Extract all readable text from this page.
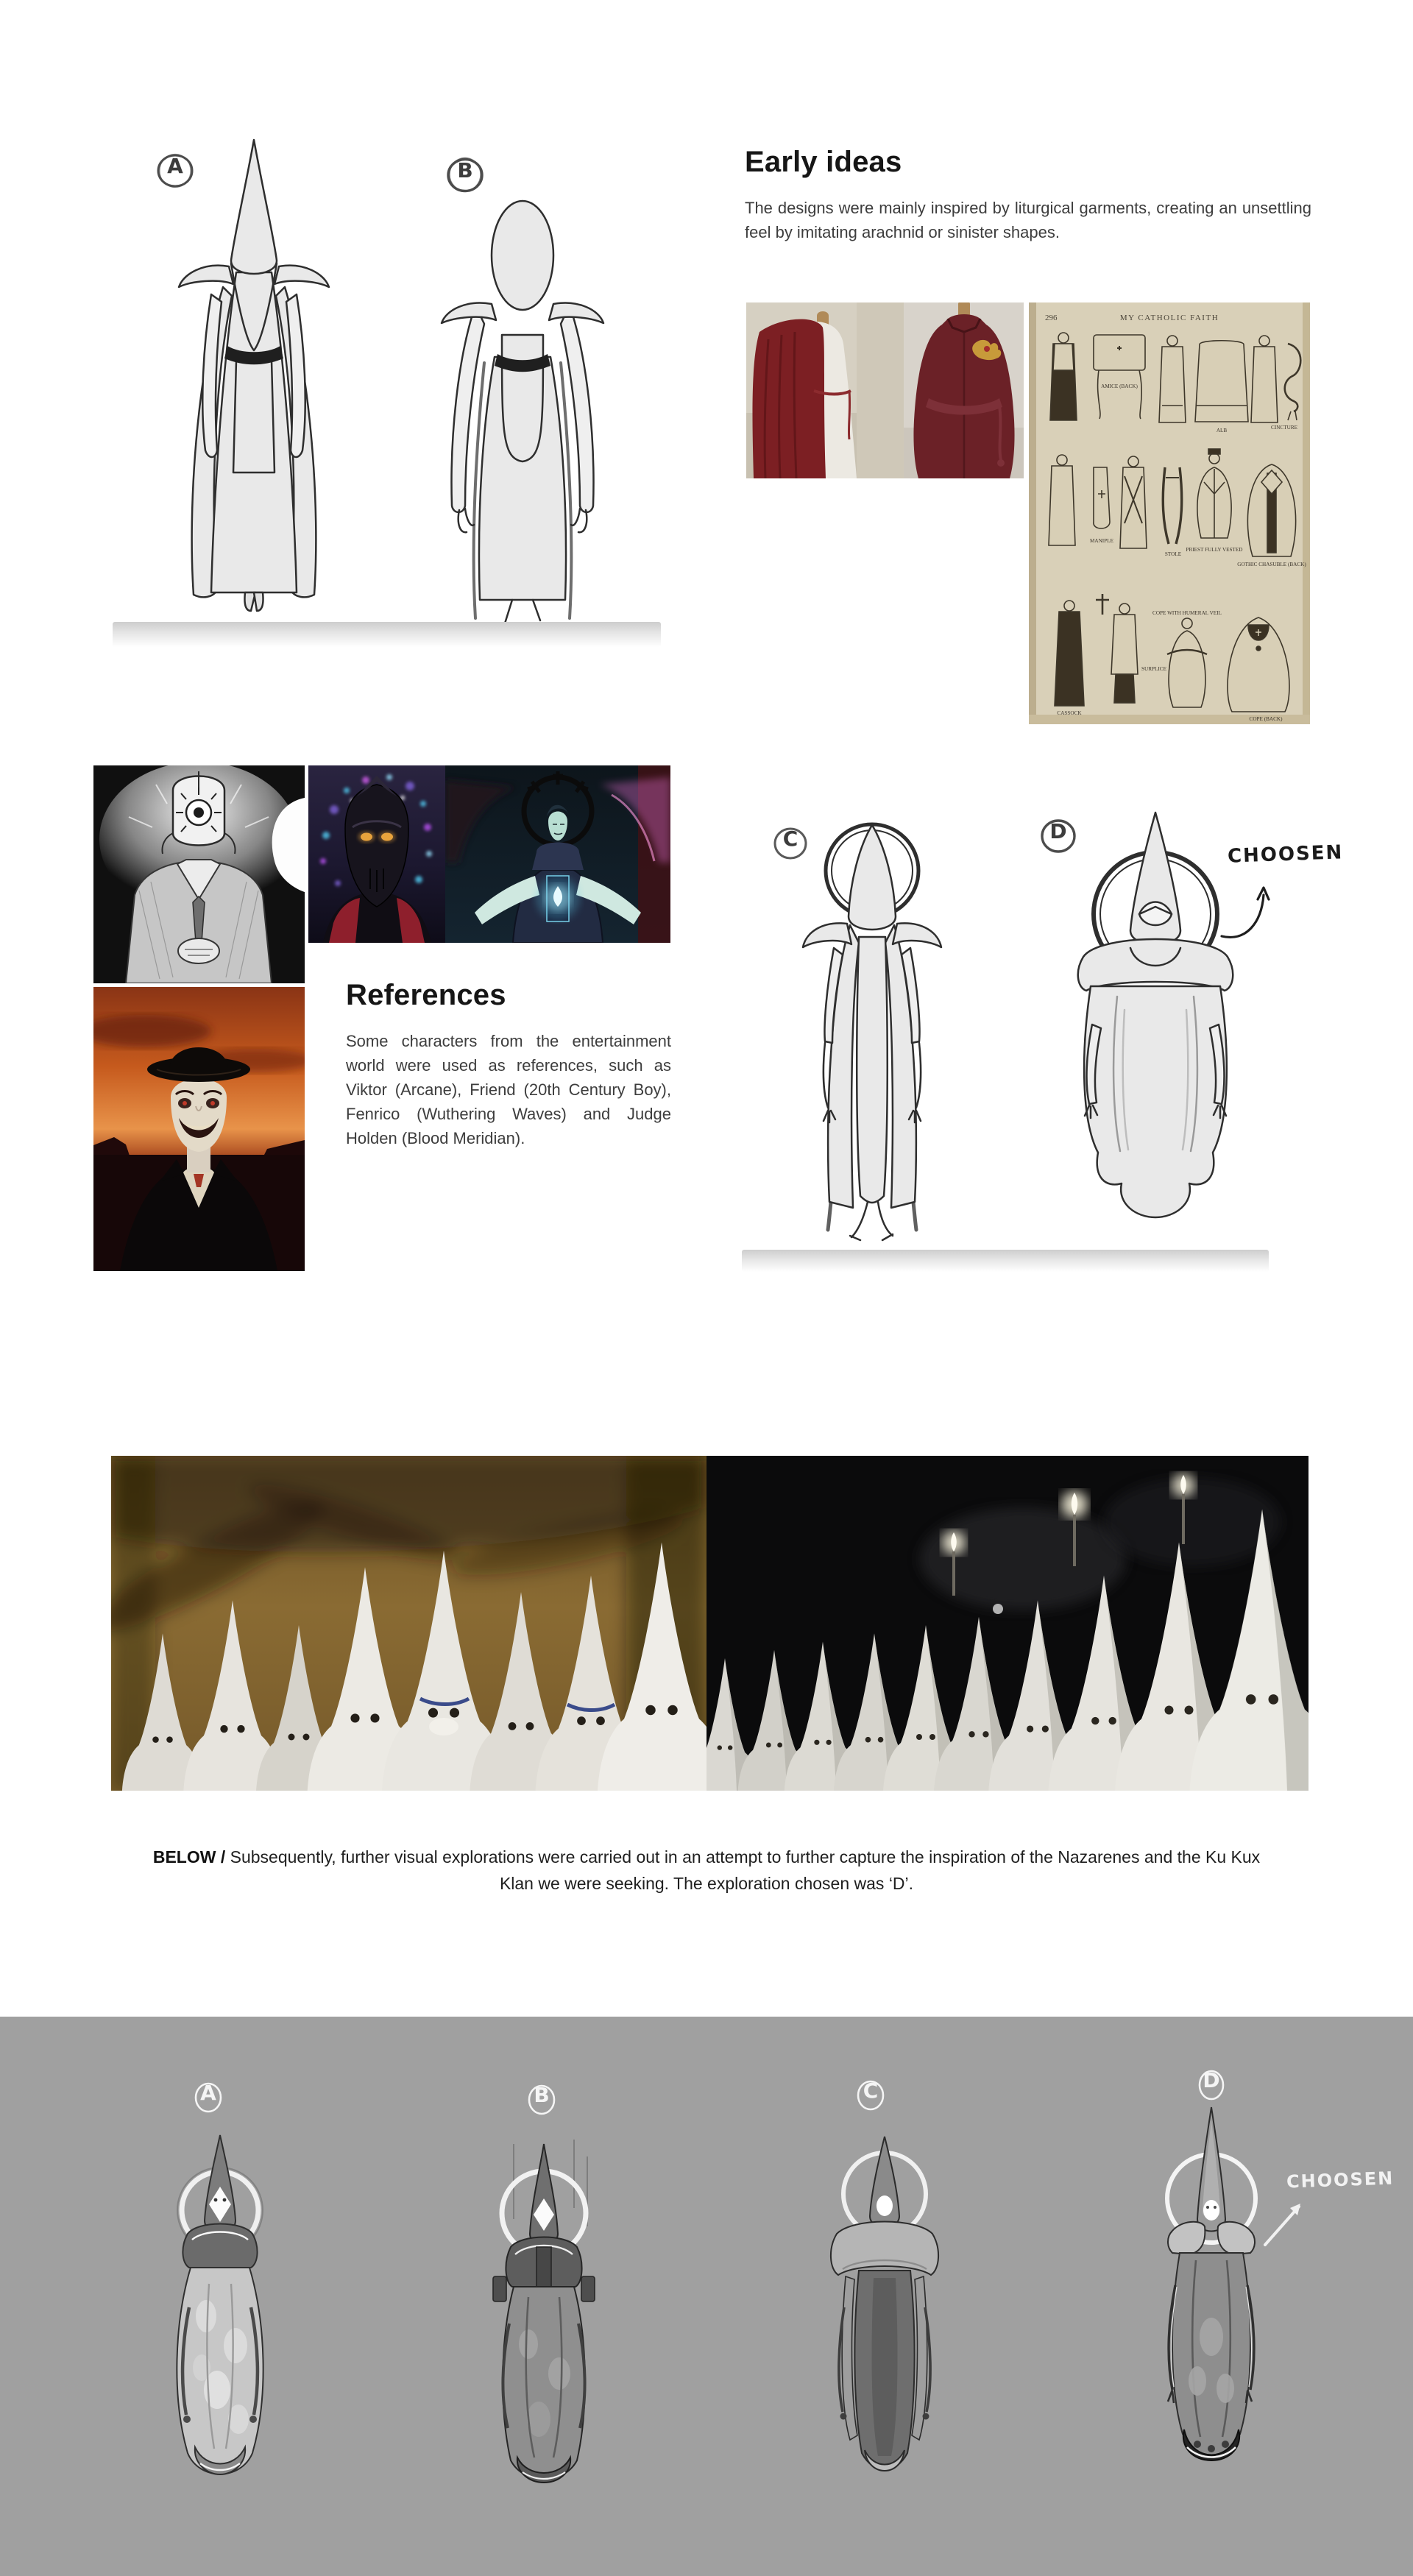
A	B	Early ideas
The designs were mainly inspired by liturgical garments, creating an unsettling feel by imitating arachnid or sinister shapes.
296	MY CATHOLIC FAITH
AMICE (BACK)
ALB	CINCTURE
MANIPLE
STOLE
PRIEST FULLY VESTED
GOTHIC CHASUBLE (BACK)
CASSOCK
SURPLICE
COPE WITH HUMERAL VEIL
COPE (BACK)
References
Some characters from the entertainment world were used as references, such as Viktor (Arcane), Friend (20th Century Boy), Fenrico (Wuthering Waves) and Judge Holden (Blood Meridian).
C	D
CHOOSEN
BELOW / Subsequently, further visual explorations were carried out in an attempt to further capture the inspiration of the Nazarenes and the Ku Kux Klan we were seeking. The exploration chosen was ‘D’.
A	B	C	D
CHOOSEN
